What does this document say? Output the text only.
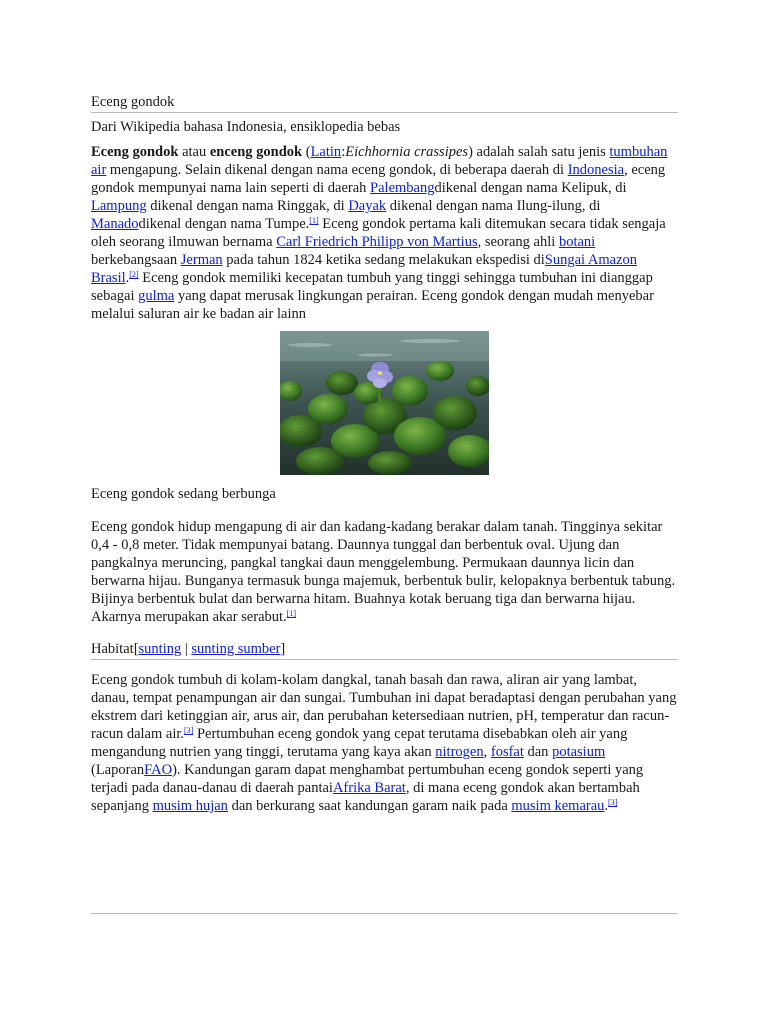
Eceng gondok
Dari Wikipedia bahasa Indonesia, ensiklopedia bebas

Eceng gondok atau enceng gondok (Latin:Eichhornia crassipes) adalah salah satu jenis tumbuhan air mengapung. Selain dikenal dengan nama eceng gondok, di beberapa daerah di Indonesia, eceng gondok mempunyai nama lain seperti di daerah Palembangdikenal dengan nama Kelipuk, di Lampung dikenal dengan nama Ringgak, di Dayak dikenal dengan nama Ilung-ilung, di Manadodikenal dengan nama Tumpe.[1] Eceng gondok pertama kali ditemukan secara tidak sengaja oleh seorang ilmuwan bernama Carl Friedrich Philipp von Martius, seorang ahli botani berkebangsaan Jerman pada tahun 1824 ketika sedang melakukan ekspedisi diSungai Amazon Brasil.[2] Eceng gondok memiliki kecepatan tumbuh yang tinggi sehingga tumbuhan ini dianggap sebagai gulma yang dapat merusak lingkungan perairan. Eceng gondok dengan mudah menyebar melalui saluran air ke badan air lainn

Eceng gondok sedang berbunga

Eceng gondok hidup mengapung di air dan kadang-kadang berakar dalam tanah. Tingginya sekitar 0,4 - 0,8 meter. Tidak mempunyai batang. Daunnya tunggal dan berbentuk oval. Ujung dan pangkalnya meruncing, pangkal tangkai daun menggelembung. Permukaan daunnya licin dan berwarna hijau. Bunganya termasuk bunga majemuk, berbentuk bulir, kelopaknya berbentuk tabung. Bijinya berbentuk bulat dan berwarna hitam. Buahnya kotak beruang tiga dan berwarna hijau. Akarnya merupakan akar serabut.[1]

Habitat[sunting | sunting sumber]

Eceng gondok tumbuh di kolam-kolam dangkal, tanah basah dan rawa, aliran air yang lambat, danau, tempat penampungan air dan sungai. Tumbuhan ini dapat beradaptasi dengan perubahan yang ekstrem dari ketinggian air, arus air, dan perubahan ketersediaan nutrien, pH, temperatur dan racun-racun dalam air.[3] Pertumbuhan eceng gondok yang cepat terutama disebabkan oleh air yang mengandung nutrien yang tinggi, terutama yang kaya akan nitrogen, fosfat dan potasium (LaporanFAO). Kandungan garam dapat menghambat pertumbuhan eceng gondok seperti yang terjadi pada danau-danau di daerah pantaiAfrika Barat, di mana eceng gondok akan bertambah sepanjang musim hujan dan berkurang saat kandungan garam naik pada musim kemarau.[3]
